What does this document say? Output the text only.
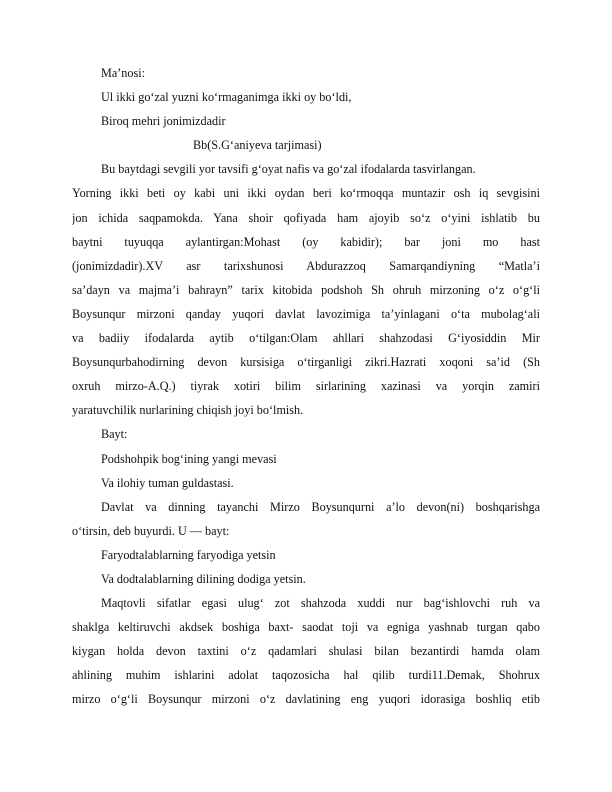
Ma’nosi:
Ul ikki go‘zal yuzni ko‘rmaganimga ikki oy bo‘ldi,
Biroq mehri jonimizdadir
Bb(S.G‘aniyeva tarjimasi)
Bu baytdagi sevgili yor tavsifi g‘oyat nafis va go‘zal ifodalarda tasvirlangan.
Yorning ikki beti oy kabi uni ikki oydan beri ko‘rmoqqa muntazir osh iq sevgisini
jon ichida saqpamokda. Yana shoir qofiyada ham ajoyib so‘z o‘yini ishlatib bu
baytni tuyuqqa aylantirgan:Mohast (oy kabidir); bar joni mo hast
(jonimizdadir).XV asr tarixshunosi Abdurazzoq Samarqandiyning “Matla’i
sa’dayn va majma’i bahrayn” tarix kitobida podshoh Sh ohruh mirzoning o‘z o‘g‘li
Boysunqur mirzoni qanday yuqori davlat lavozimiga ta’yinlagani o‘ta mubolag‘ali
va badiiy ifodalarda aytib o‘tilgan:Olam ahllari shahzodasi G‘iyosiddin Mir
Boysunqurbahodirning devon kursisiga o‘tirganligi zikri.Hazrati xoqoni sa’id (Sh
oxruh mirzo-A.Q.) tiyrak xotiri bilim sirlarining xazinasi va yorqin zamiri
yaratuvchilik nurlarining chiqish joyi bo‘lmish.
Bayt:
Podshohpik bog‘ining yangi mevasi
Va ilohiy tuman guldastasi.
Davlat va dinning tayanchi Mirzo Boysunqurni a’lo devon(ni) boshqarishga
o‘tirsin, deb buyurdi. U — bayt:
Faryodtalablarning faryodiga yetsin
Va dodtalablarning dilining dodiga yetsin.
Maqtovli sifatlar egasi ulug‘ zot shahzoda xuddi nur bag‘ishlovchi ruh va
shaklga keltiruvchi akdsek boshiga baxt- saodat toji va egniga yashnab turgan qabo
kiygan holda devon taxtini o‘z qadamlari shulasi bilan bezantirdi hamda olam
ahlining muhim ishlarini adolat taqozosicha hal qilib turdi11.Demak, Shohrux
mirzo o‘g‘li Boysunqur mirzoni o‘z davlatining eng yuqori idorasiga boshliq etib
